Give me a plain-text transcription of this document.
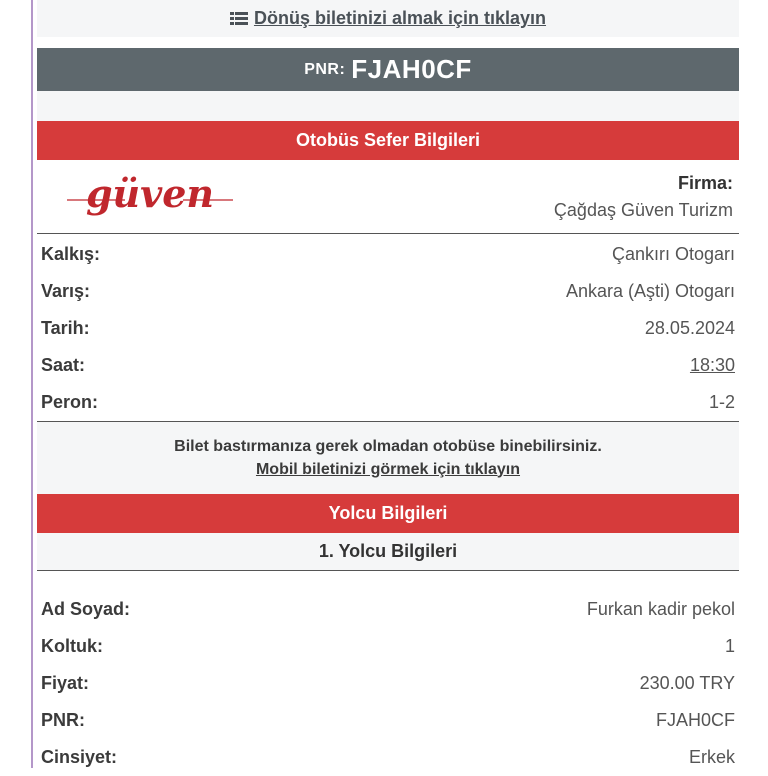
Dönüş biletinizi almak için tıklayın
PNR: FJAH0CF
Otobüs Sefer Bilgileri
güven	Firma:
Çağdaş Güven Turizm
Kalkış:	Çankırı Otogarı
Varış:	Ankara (Aşti) Otogarı
Tarih:	28.05.2024
Saat:	18:30
Peron:	1-2
Bilet bastırmanıza gerek olmadan otobüse binebilirsiniz.
Mobil biletinizi görmek için tıklayın
Yolcu Bilgileri
1. Yolcu Bilgileri
Ad Soyad:	Furkan kadir pekol
Koltuk:	1
Fiyat:	230.00 TRY
PNR:	FJAH0CF
Cinsiyet:	Erkek
